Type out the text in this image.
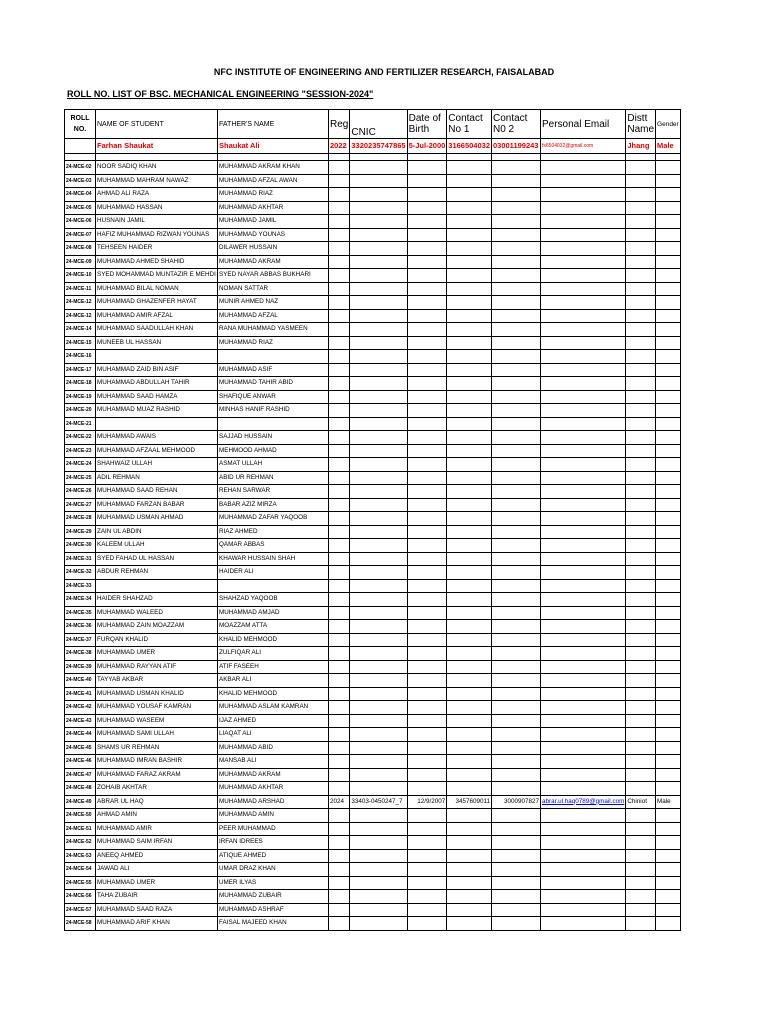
NFC INSTITUTE OF ENGINEERING AND FERTILIZER RESEARCH, FAISALABAD
ROLL NO. LIST OF BSC. MECHANICAL ENGINEERING "SESSION-2024"
ROLL NO.	NAME OF STUDENT	FATHER'S NAME	Reg	CNIC	Date of Birth	Contact No 1	Contact N0 2	Personal Email	Distt Name	Gender
	Farhan Shaukat	Shaukat Ali	2022	3320235747865	5-Jul-2000	3166504032	03001199243	fs6504032@gmail.com	Jhang	Male

24-MCE-02	NOOR SADIQ KHAN	MUHAMMAD AKRAM KHAN								
24-MCE-03	MUHAMMAD MAHRAM NAWAZ	MUHAMMAD AFZAL AWAN								
24-MCE-04	AHMAD ALI RAZA	MUHAMMAD RIAZ								
24-MCE-05	MUHAMMAD HASSAN	MUHAMMAD AKHTAR								
24-MCE-06	HUSNAIN JAMIL	MUHAMMAD JAMIL								
24-MCE-07	HAFIZ MUHAMMAD RIZWAN YOUNAS	MUHAMMAD YOUNAS								
24-MCE-08	TEHSEEN HAIDER	DILAWER HUSSAIN								
24-MCE-09	MUHAMMAD AHMED SHAHID	MUHAMMAD AKRAM								
24-MCE-10	SYED MOHAMMAD MUNTAZIR E MEHDI	SYED NAYAR ABBAS BUKHARI								
24-MCE-11	MUHAMMAD BILAL NOMAN	NOMAN SATTAR								
24-MCE-12	MUHAMMAD GHAZENFER HAYAT	MUNIR AHMED NAZ								
24-MCE-12	MUHAMMAD AMIR AFZAL	MUHAMMAD AFZAL								
24-MCE-14	MUHAMMAD SAADULLAH KHAN	RANA MUHAMMAD YASMEEN								
24-MCE-15	MUNEEB UL HASSAN	MUHAMMAD RIAZ								
24-MCE-16										
24-MCE-17	MUHAMMAD ZAID BIN ASIF	MUHAMMAD ASIF								
24-MCE-18	MUHAMMAD ABDULLAH TAHIR	MUHAMMAD TAHIR ABID								
24-MCE-19	MUHAMMAD SAAD HAMZA	SHAFIQUE ANWAR								
24-MCE-20	MUHAMMAD MUAZ RASHID	MINHAS HANIF RASHID								
24-MCE-21										
24-MCE-22	MUHAMMAD AWAIS	SAJJAD HUSSAIN								
24-MCE-23	MUHAMMAD AFZAAL MEHMOOD	MEHMOOD AHMAD								
24-MCE-24	SHAHWAIZ ULLAH	ASMAT ULLAH								
24-MCE-25	ADIL REHMAN	ABID UR REHMAN								
24-MCE-26	MUHAMMAD SAAD REHAN	REHAN SARWAR								
24-MCE-27	MUHAMMAD FARZAN BABAR	BABAR AZIZ MIRZA								
24-MCE-28	MUHAMMAD USMAN AHMAD	MUHAMMAD ZAFAR YAQOOB								
24-MCE-29	ZAIN UL ABDIN	RIAZ AHMED								
24-MCE-30	KALEEM ULLAH	QAMAR ABBAS								
24-MCE-31	SYED FAHAD UL HASSAN	KHAWAR HUSSAIN SHAH								
24-MCE-32	ABDUR REHMAN	HAIDER ALI								
24-MCE-33										
24-MCE-34	HAIDER SHAHZAD	SHAHZAD YAQOOB								
24-MCE-35	MUHAMMAD WALEED	MUHAMMAD AMJAD								
24-MCE-36	MUHAMMAD ZAIN MOAZZAM	MOAZZAM ATTA								
24-MCE-37	FURQAN KHALID	KHALID MEHMOOD								
24-MCE-38	MUHAMMAD UMER	ZULFIQAR ALI								
24-MCE-39	MUHAMMAD RAYYAN ATIF	ATIF FASEEH								
24-MCE-40	TAYYAB AKBAR	AKBAR ALI								
24-MCE-41	MUHAMMAD USMAN KHALID	KHALID MEHMOOD								
24-MCE-42	MUHAMMAD YOUSAF KAMRAN	MUHAMMAD ASLAM KAMRAN								
24-MCE-43	MUHAMMAD WASEEM	IJAZ AHMED								
24-MCE-44	MUHAMMAD SAMI ULLAH	LIAQAT ALI								
24-MCE-45	SHAMS UR REHMAN	MUHAMMAD ABID								
24-MCE-46	MUHAMMAD IMRAN BASHIR	MANSAB ALI								
24-MCE-47	MUHAMMAD FARAZ AKRAM	MUHAMMAD AKRAM								
24-MCE-48	ZOHAIB AKHTAR	MUHAMMAD AKHTAR								
24-MCE-49	ABRAR UL HAQ	MUHAMMAD ARSHAD	2024	33403-0450247_7	12/9/2007	3457609011	3000907827	abrar.ul.haq0789@gmail.com	Chiniot	Male
24-MCE-50	AHMAD AMIN	MUHAMMAD AMIN								
24-MCE-51	MUHAMMAD AMIR	PEER MUHAMMAD								
24-MCE-52	MUHAMMAD SAIM IRFAN	IRFAN IDREES								
24-MCE-53	ANEEQ AHMED	ATIQUE AHMED								
24-MCE-54	JAWAD ALI	UMAR DRAZ KHAN								
24-MCE-55	MUHAMMAD UMER	UMER ILYAS								
24-MCE-56	TAHA ZUBAIR	MUHAMMAD ZUBAIR								
24-MCE-57	MUHAMMAD SAAD RAZA	MUHAMMAD ASHRAF								
24-MCE-58	MUHAMMAD ARIF KHAN	FAISAL MAJEED KHAN								
